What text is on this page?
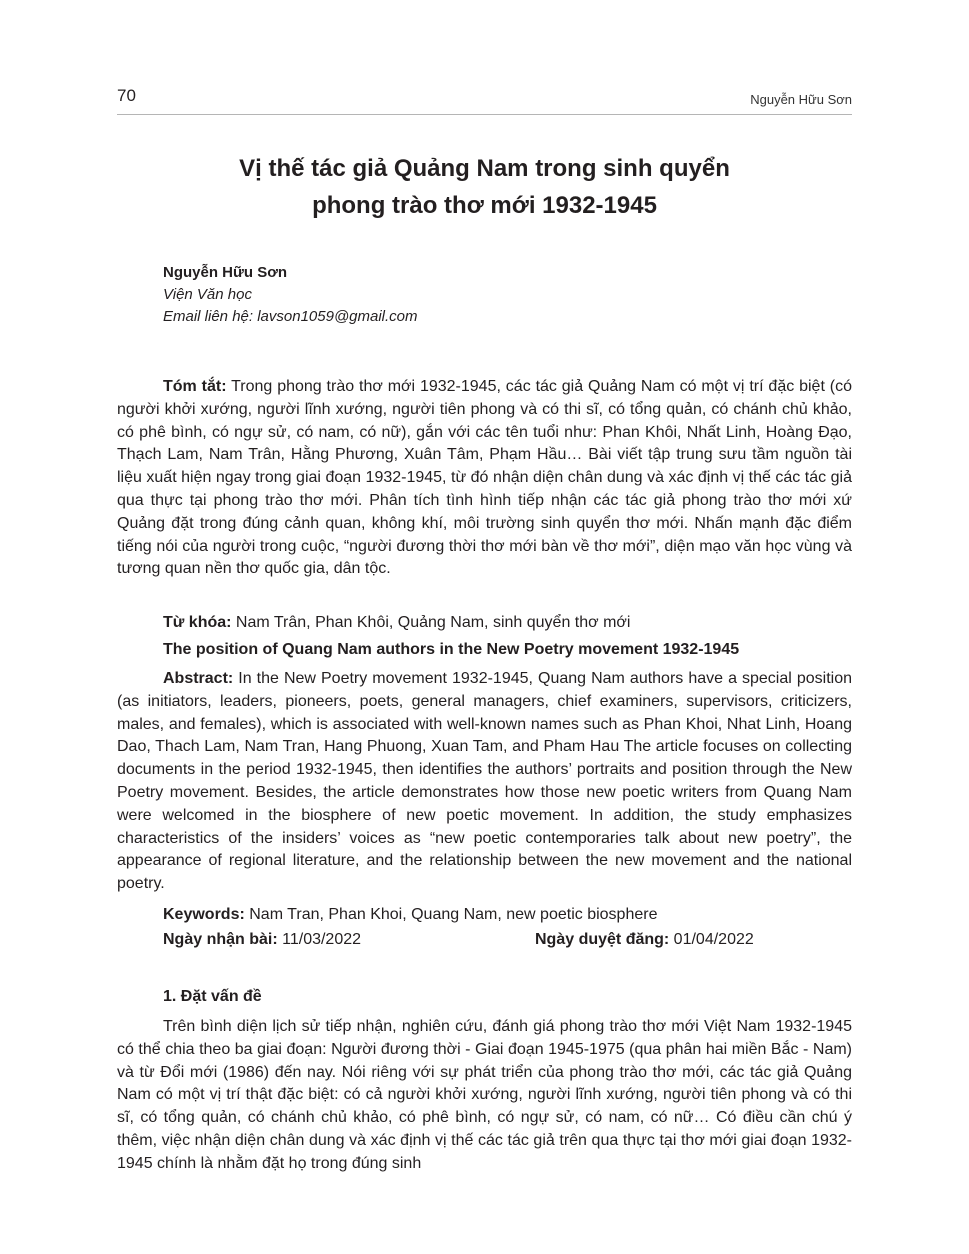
70	Nguyễn Hữu Sơn
Vị thế tác giả Quảng Nam trong sinh quyển
phong trào thơ mới 1932-1945
Nguyễn Hữu Sơn
Viện Văn học
Email liên hệ: lavson1059@gmail.com

Tóm tắt: Trong phong trào thơ mới 1932-1945, các tác giả Quảng Nam có một vị trí đặc biệt (có người khởi xướng, người lĩnh xướng, người tiên phong và có thi sĩ, có tổng quản, có chánh chủ khảo, có phê bình, có ngự sử, có nam, có nữ), gắn với các tên tuổi như: Phan Khôi, Nhất Linh, Hoàng Đạo, Thạch Lam, Nam Trân, Hằng Phương, Xuân Tâm, Phạm Hầu… Bài viết tập trung sưu tầm nguồn tài liệu xuất hiện ngay trong giai đoạn 1932-1945, từ đó nhận diện chân dung và xác định vị thế các tác giả qua thực tại phong trào thơ mới. Phân tích tình hình tiếp nhận các tác giả phong trào thơ mới xứ Quảng đặt trong đúng cảnh quan, không khí, môi trường sinh quyển thơ mới. Nhấn mạnh đặc điểm tiếng nói của người trong cuộc, “người đương thời thơ mới bàn về thơ mới”, diện mạo văn học vùng và tương quan nền thơ quốc gia, dân tộc.

Từ khóa: Nam Trân, Phan Khôi, Quảng Nam, sinh quyển thơ mới

The position of Quang Nam authors in the New Poetry movement 1932-1945

Abstract: In the New Poetry movement 1932-1945, Quang Nam authors have a special position (as initiators, leaders, pioneers, poets, general managers, chief examiners, supervisors, criticizers, males, and females), which is associated with well-known names such as Phan Khoi, Nhat Linh, Hoang Dao, Thach Lam, Nam Tran, Hang Phuong, Xuan Tam, and Pham Hau The article focuses on collecting documents in the period 1932-1945, then identifies the authors’ portraits and position through the New Poetry movement. Besides, the article demonstrates how those new poetic writers from Quang Nam were welcomed in the biosphere of new poetic movement. In addition, the study emphasizes characteristics of the insiders’ voices as “new poetic contemporaries talk about new poetry”, the appearance of regional literature, and the relationship between the new movement and the national poetry.

Keywords: Nam Tran, Phan Khoi, Quang Nam, new poetic biosphere

Ngày nhận bài: 11/03/2022	Ngày duyệt đăng: 01/04/2022
1. Đặt vấn đề

Trên bình diện lịch sử tiếp nhận, nghiên cứu, đánh giá phong trào thơ mới Việt Nam 1932-1945 có thể chia theo ba giai đoạn: Người đương thời - Giai đoạn 1945-1975 (qua phân hai miền Bắc - Nam) và từ Đổi mới (1986) đến nay. Nói riêng với sự phát triển của phong trào thơ mới, các tác giả Quảng Nam có một vị trí thật đặc biệt: có cả người khởi xướng, người lĩnh xướng, người tiên phong và có thi sĩ, có tổng quản, có chánh chủ khảo, có phê bình, có ngự sử, có nam, có nữ… Có điều cần chú ý thêm, việc nhận diện chân dung và xác định vị thế các tác giả trên qua thực tại thơ mới giai đoạn 1932-1945 chính là nhằm đặt họ trong đúng sinh
